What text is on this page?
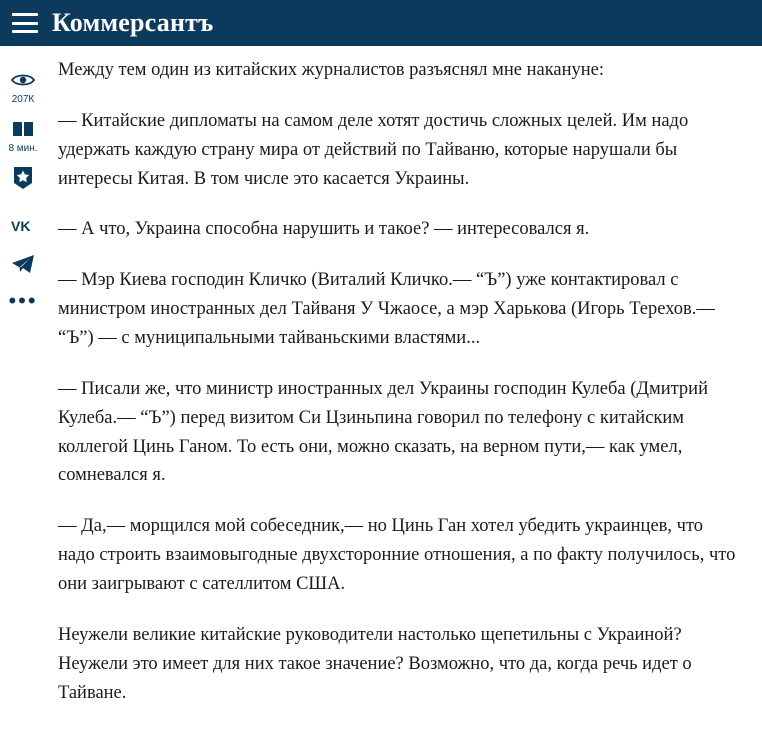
Коммерсантъ
207К
8 мин.
VK
•••

Между тем один из китайских журналистов разъяснял мне накануне:

— Китайские дипломаты на самом деле хотят достичь сложных целей. Им надо удержать каждую страну мира от действий по Тайваню, которые нарушали бы интересы Китая. В том числе это касается Украины.

— А что, Украина способна нарушить и такое? — интересовался я.

— Мэр Киева господин Кличко (Виталий Кличко.— “Ъ”) уже контактировал с министром иностранных дел Тайваня У Чжаосе, а мэр Харькова (Игорь Терехов.— “Ъ”) — с муниципальными тайваньскими властями...

— Писали же, что министр иностранных дел Украины господин Кулеба (Дмитрий Кулеба.— “Ъ”) перед визитом Си Цзиньпина говорил по телефону с китайским коллегой Цинь Ганом. То есть они, можно сказать, на верном пути,— как умел, сомневался я.

— Да,— морщился мой собеседник,— но Цинь Ган хотел убедить украинцев, что надо строить взаимовыгодные двухсторонние отношения, а по факту получилось, что они заигрывают с сателлитом США.

Неужели великие китайские руководители настолько щепетильны с Украиной? Неужели это имеет для них такое значение? Возможно, что да, когда речь идет о Тайване.
